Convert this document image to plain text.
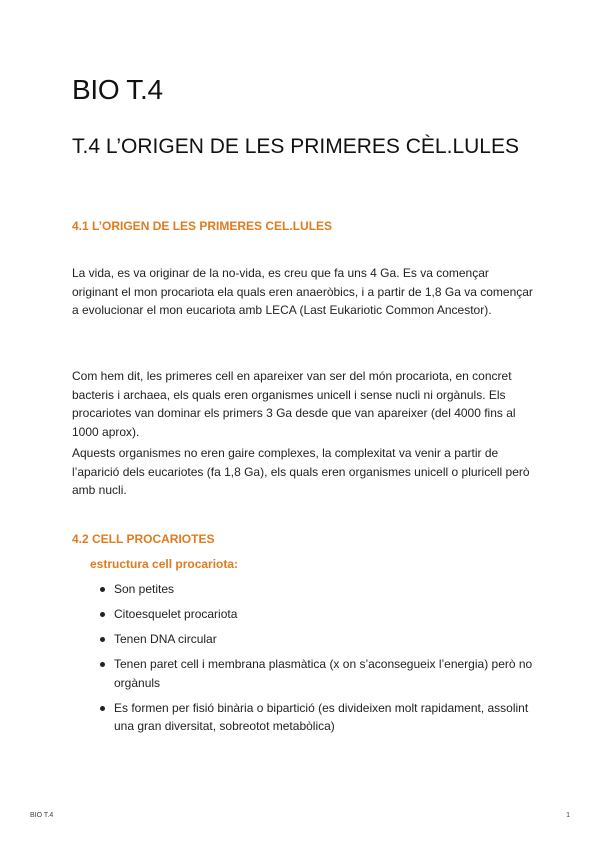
BIO T.4
T.4 L’ORIGEN DE LES PRIMERES CÈL.LULES
4.1 L’ORIGEN DE LES PRIMERES CEL.LULES

La vida, es va originar de la no-vida, es creu que fa uns 4 Ga. Es va començar originant el mon procariota ela quals eren anaeròbics, i a partir de 1,8 Ga va començar a evolucionar el mon eucariota amb LECA (Last Eukariotic Common Ancestor).

Com hem dit, les primeres cell en apareixer van ser del món procariota, en concret bacteris i archaea, els quals eren organismes unicell i sense nucli ni orgànuls. Els procariotes van dominar els primers 3 Ga desde que van apareixer (del 4000 fins al 1000 aprox).

Aquests organismes no eren gaire complexes, la complexitat va venir a partir de l’aparició dels eucariotes (fa 1,8 Ga), els quals eren organismes unicell o pluricell però amb nucli.

4.2 CELL PROCARIOTES
estructura cell procariota:
Son petites
Citoesquelet procariota
Tenen DNA circular
Tenen paret cell i membrana plasmàtica (x on s’aconsegueix l’energia) però no orgànuls
Es formen per fisió binària o bipartició (es divideixen molt rapidament, assolint una gran diversitat, sobreotot metabòlica)
BIO T.4	1
